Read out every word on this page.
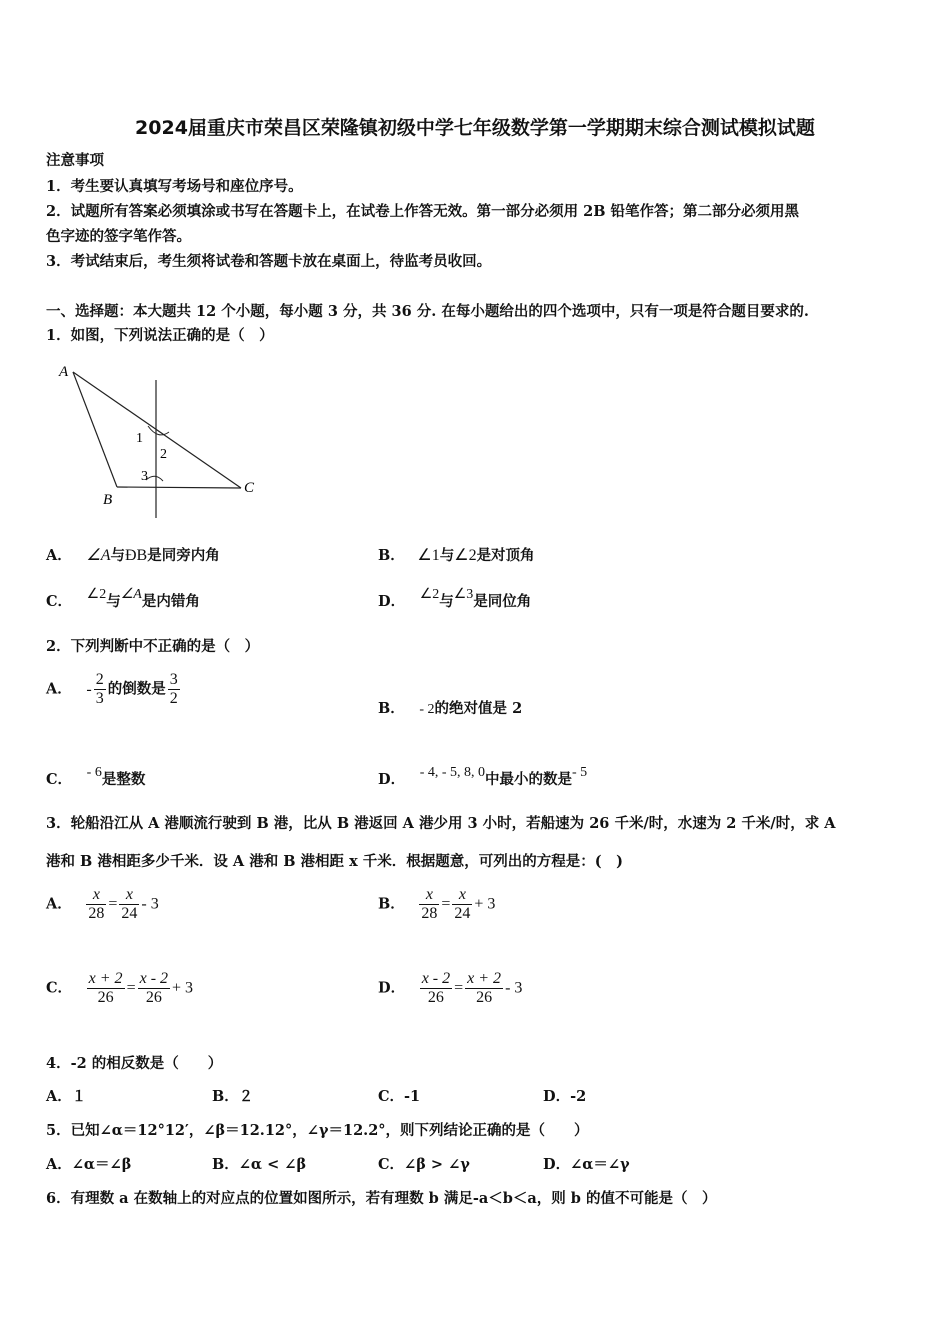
2024届重庆市荣昌区荣隆镇初级中学七年级数学第一学期期末综合测试模拟试题
注意事项
1．考生要认真填写考场号和座位序号。
2．试题所有答案必须填涂或书写在答题卡上，在试卷上作答无效。第一部分必须用 2B 铅笔作答；第二部分必须用黑
色字迹的签字笔作答。
3．考试结束后，考生须将试卷和答题卡放在桌面上，待监考员收回。
一、选择题：本大题共 12 个小题，每小题 3 分，共 36 分. 在每小题给出的四个选项中，只有一项是符合题目要求的.
1．如图，下列说法正确的是（　）
A
B
C
1
2
3
A． ∠A与ÐB是同旁内角	B． ∠1与∠2是对顶角
C． ∠2与∠A是内错角	D． ∠2与∠3是同位角
2．下列判断中不正确的是（　）
A． - $\frac{2}{3}$ 的倒数是 $\frac{3}{2}$
B． - 2的绝对值是 2
C． - 6是整数	D． - 4, - 5, 8, 0中最小的数是- 5
3．轮船沿江从 A 港顺流行驶到 B 港，比从 B 港返回 A 港少用 3 小时，若船速为 26 千米/时，水速为 2 千米/时，求 A
港和 B 港相距多少千米．设 A 港和 B 港相距 x 千米．根据题意，可列出的方程是：(　)
A． $\frac{x}{28} = \frac{x}{24} - 3$	B． $\frac{x}{28} = \frac{x}{24} + 3$
C． $\frac{x + 2}{26} = \frac{x - 2}{26} + 3$	D． $\frac{x - 2}{26} = \frac{x + 2}{26} - 3$
4．-2 的相反数是（　　）
A．１	B．２	C．-1	D．-2
5．已知∠α＝12°12′，∠β＝12.12°，∠γ＝12.2°，则下列结论正确的是（　　）
A．∠α＝∠β	B．∠α < ∠β	C．∠β > ∠γ	D．∠α＝∠γ
6．有理数 a 在数轴上的对应点的位置如图所示，若有理数 b 满足-a＜b＜a，则 b 的值不可能是（　）
